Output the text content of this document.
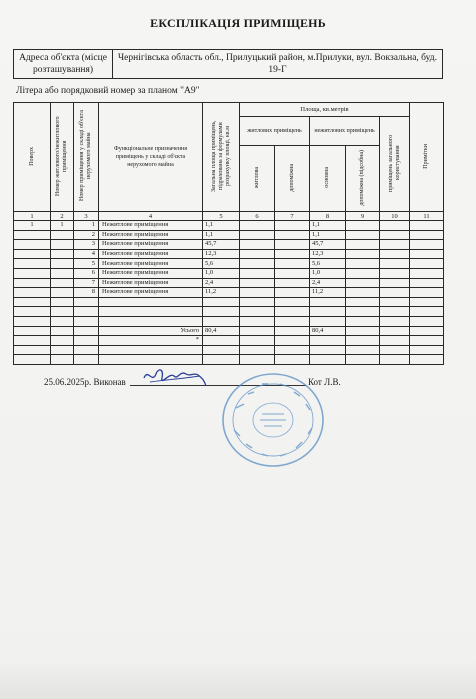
ЕКСПЛІКАЦІЯ ПРИМІЩЕНЬ
Адреса об'єкта (місце розташування)	Чернігівська область обл., Прилуцький район, м.Прилуки, вул. Вокзальна, буд. 19-Г
Літера або порядковий номер за планом "А9"
Поверх	Номер житлового/нежитлового приміщення	Номер приміщення у складі об'єкта нерухомого майна	Функціональне призначення приміщень у складі об'єкта нерухомого майна	Загальна площа приміщень, підрахована за формулами розрахунку площі, кв.м	Площа, кв.метрів					Примітки
					житлових приміщень		нежитлових приміщень		приміщень загального користування	
					житлова	допоміжна	основна	допоміжна (підсобна)		
1	2	3	4	5	6	7	8	9	10	11
1	1	1	Нежитлове приміщення	1,1			1,1			
		2	Нежитлове приміщення	1,1			1,1			
		3	Нежитлове приміщення	45,7			45,7			
		4	Нежитлове приміщення	12,3			12,3			
		5	Нежитлове приміщення	5,6			5,6			
		6	Нежитлове приміщення	1,0			1,0			
		7	Нежитлове приміщення	2,4			2,4			
		8	Нежитлове приміщення	11,2			11,2			

			Усього	80,4			80,4			
			*							

25.06.2025р. Виконав	Кот Л.В.
